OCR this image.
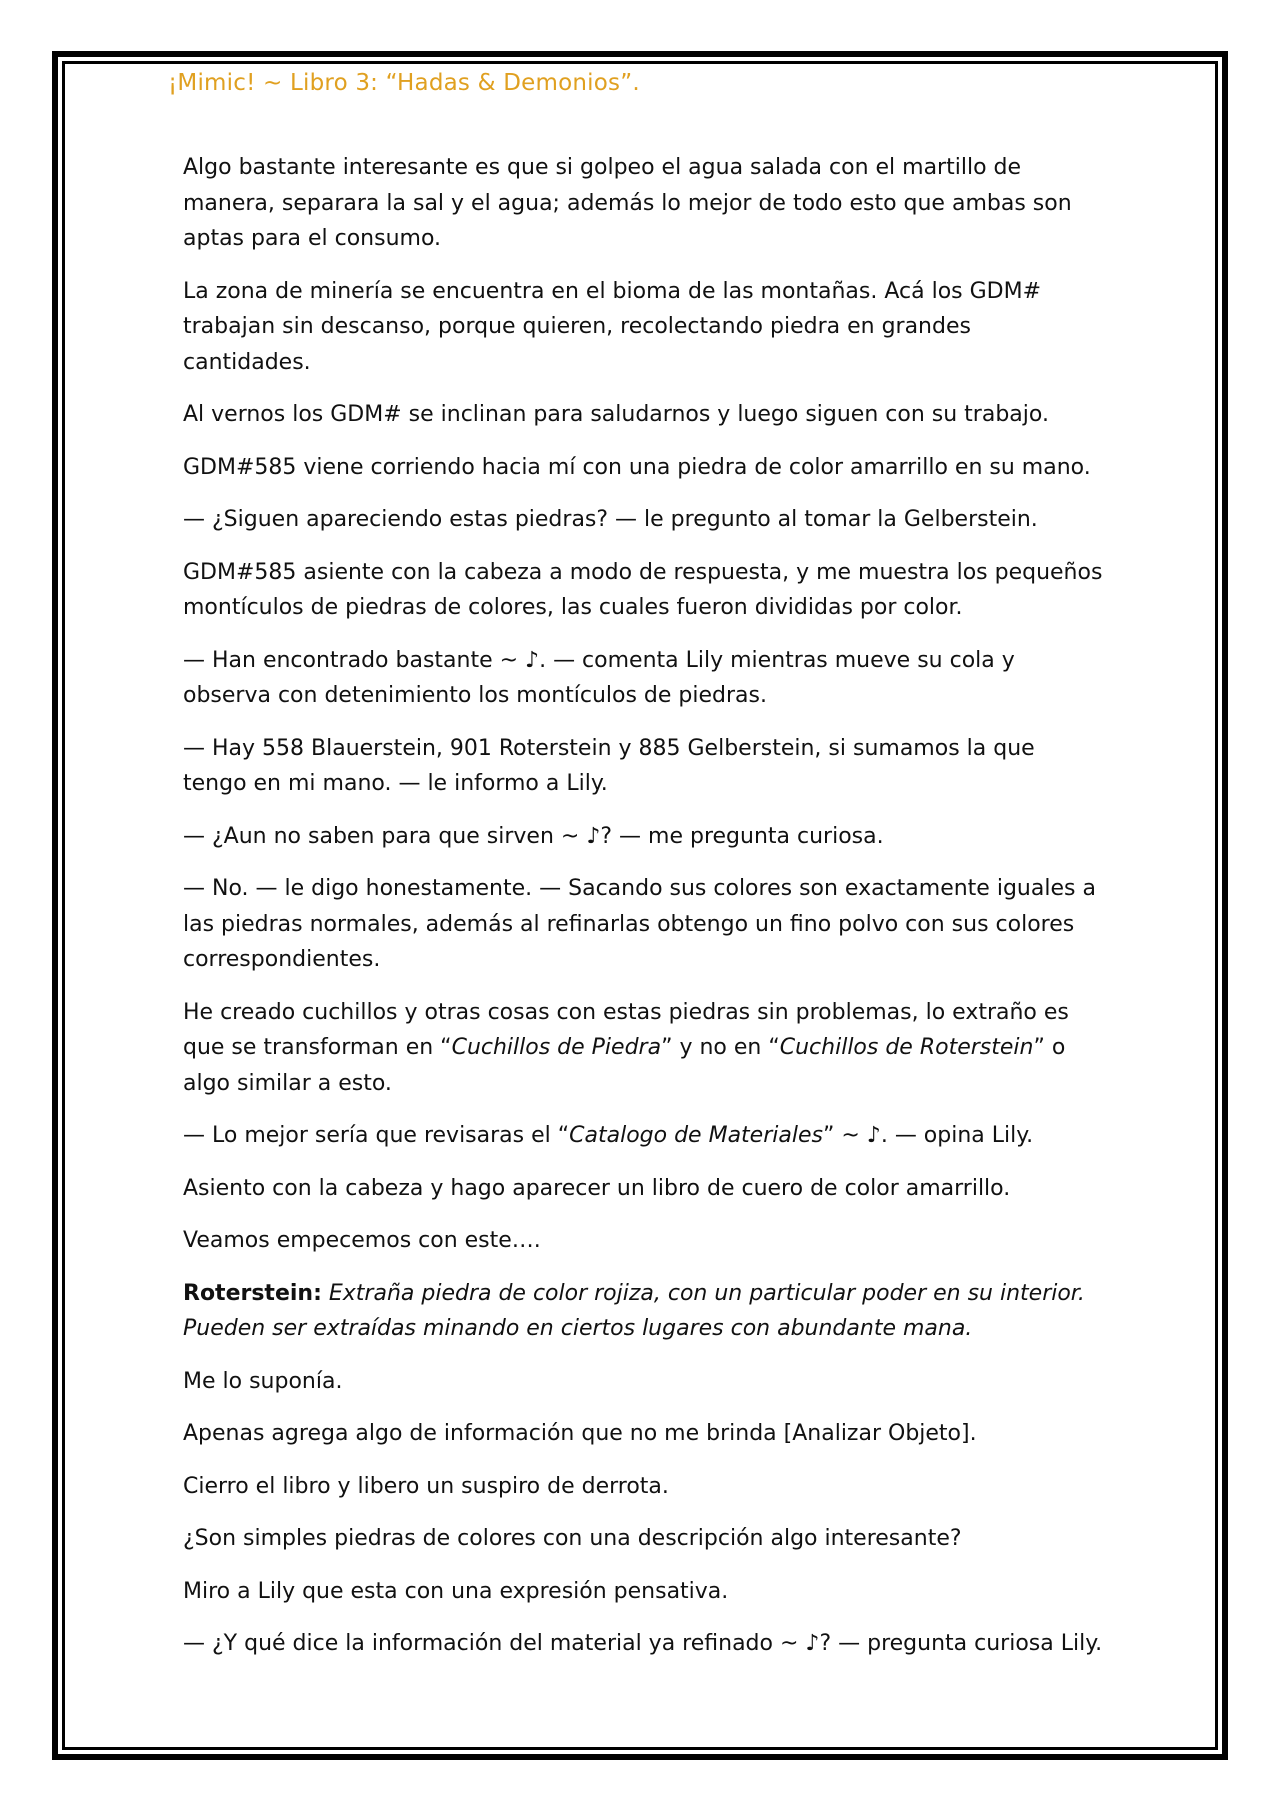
¡Mimic! ~ Libro 3: “Hadas & Demonios”.

Algo bastante interesante es que si golpeo el agua salada con el martillo de manera, separara la sal y el agua; además lo mejor de todo esto que ambas son aptas para el consumo.

La zona de minería se encuentra en el bioma de las montañas. Acá los GDM# trabajan sin descanso, porque quieren, recolectando piedra en grandes cantidades.

Al vernos los GDM# se inclinan para saludarnos y luego siguen con su trabajo.

GDM#585 viene corriendo hacia mí con una piedra de color amarrillo en su mano.

— ¿Siguen apareciendo estas piedras? — le pregunto al tomar la Gelberstein.

GDM#585 asiente con la cabeza a modo de respuesta, y me muestra los pequeños montículos de piedras de colores, las cuales fueron divididas por color.

— Han encontrado bastante ~ ♪. — comenta Lily mientras mueve su cola y observa con detenimiento los montículos de piedras.

— Hay 558 Blauerstein, 901 Roterstein y 885 Gelberstein, si sumamos la que tengo en mi mano. — le informo a Lily.

— ¿Aun no saben para que sirven ~ ♪? — me pregunta curiosa.

— No. — le digo honestamente. — Sacando sus colores son exactamente iguales a las piedras normales, además al refinarlas obtengo un fino polvo con sus colores correspondientes.

He creado cuchillos y otras cosas con estas piedras sin problemas, lo extraño es que se transforman en “Cuchillos de Piedra” y no en “Cuchillos de Roterstein” o algo similar a esto.

— Lo mejor sería que revisaras el “Catalogo de Materiales” ~ ♪. — opina Lily.

Asiento con la cabeza y hago aparecer un libro de cuero de color amarrillo.

Veamos empecemos con este….

Roterstein: Extraña piedra de color rojiza, con un particular poder en su interior. Pueden ser extraídas minando en ciertos lugares con abundante mana.

Me lo suponía.

Apenas agrega algo de información que no me brinda [Analizar Objeto].

Cierro el libro y libero un suspiro de derrota.

¿Son simples piedras de colores con una descripción algo interesante?

Miro a Lily que esta con una expresión pensativa.

— ¿Y qué dice la información del material ya refinado ~ ♪? — pregunta curiosa Lily.
